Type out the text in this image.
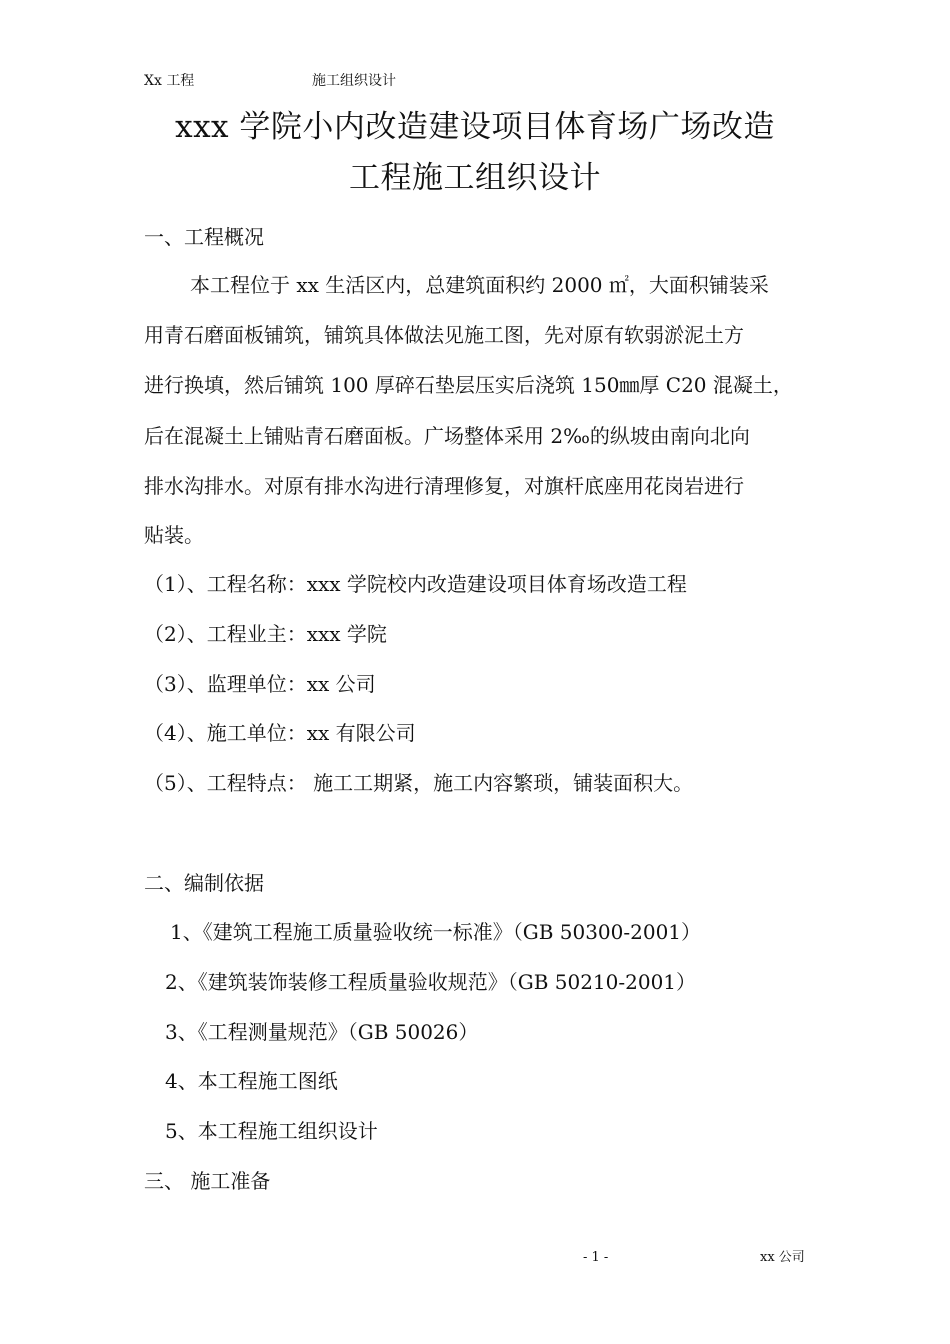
Xx 工程	施工组织设计
xxx 学院小内改造建设项目体育场广场改造
工程施工组织设计
一、工程概况
本工程位于 xx 生活区内，总建筑面积约 2000 ㎡，大面积铺装采
用青石磨面板铺筑，铺筑具体做法见施工图，先对原有软弱淤泥土方
进行换填，然后铺筑 100 厚碎石垫层压实后浇筑 150㎜厚 C20 混凝土，
后在混凝土上铺贴青石磨面板。广场整体采用 2‰的纵坡由南向北向
排水沟排水。对原有排水沟进行清理修复，对旗杆底座用花岗岩进行
贴装。
（1）、工程名称：xxx 学院校内改造建设项目体育场改造工程
（2）、工程业主：xxx 学院
（3）、监理单位：xx 公司
（4）、施工单位：xx 有限公司
（5）、工程特点： 施工工期紧，施工内容繁琐，铺装面积大。
二、编制依据
1、《建筑工程施工质量验收统一标准》（GB 50300-2001）
2、《建筑装饰装修工程质量验收规范》（GB 50210-2001）
3、《工程测量规范》（GB 50026）
4、本工程施工图纸
5、本工程施工组织设计
三、 施工准备
- 1 -	xx 公司
